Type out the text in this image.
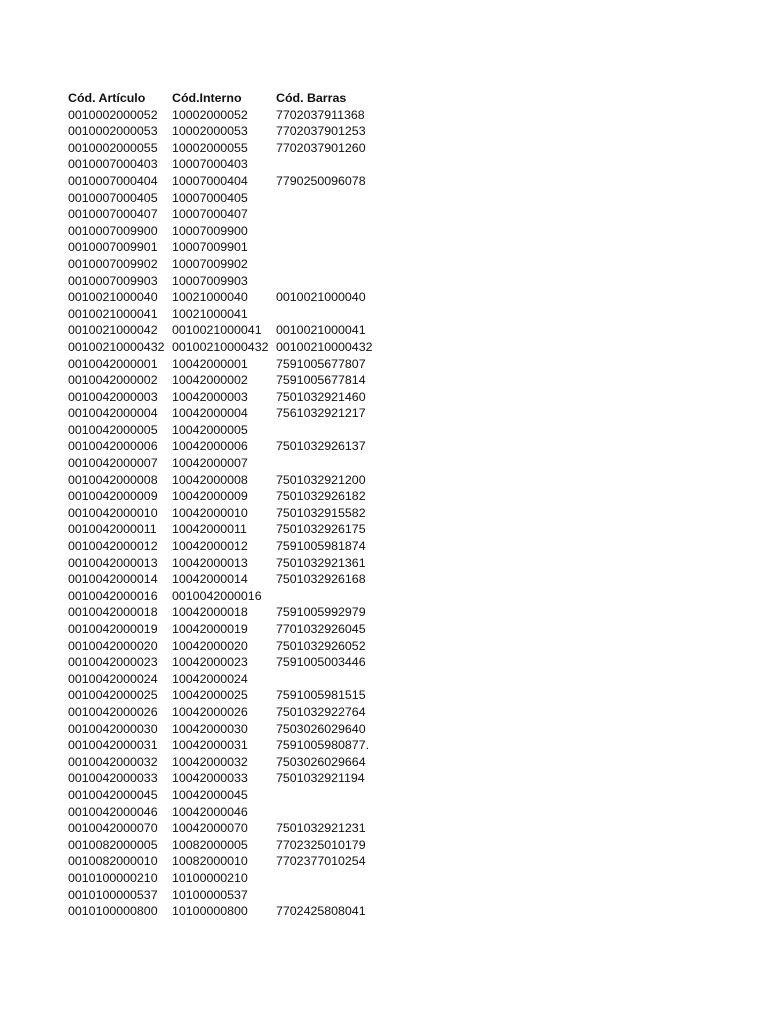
Cód. Artículo	Cód.Interno	Cód. Barras
0010002000052	10002000052	7702037911368
0010002000053	10002000053	7702037901253
0010002000055	10002000055	7702037901260
0010007000403	10007000403
0010007000404	10007000404	7790250096078
0010007000405	10007000405
0010007000407	10007000407
0010007009900	10007009900
0010007009901	10007009901
0010007009902	10007009902
0010007009903	10007009903
0010021000040	10021000040	0010021000040
0010021000041	10021000041
0010021000042	0010021000041	0010021000041
00100210000432 00100210000432 00100210000432
0010042000001	10042000001	7591005677807
0010042000002	10042000002	7591005677814
0010042000003	10042000003	7501032921460
0010042000004	10042000004	7561032921217
0010042000005	10042000005
0010042000006	10042000006	7501032926137
0010042000007	10042000007
0010042000008	10042000008	7501032921200
0010042000009	10042000009	7501032926182
0010042000010	10042000010	7501032915582
0010042000011	10042000011	7501032926175
0010042000012	10042000012	7591005981874
0010042000013	10042000013	7501032921361
0010042000014	10042000014	7501032926168
0010042000016	0010042000016
0010042000018	10042000018	7591005992979
0010042000019	10042000019	7701032926045
0010042000020	10042000020	7501032926052
0010042000023	10042000023	7591005003446
0010042000024	10042000024
0010042000025	10042000025	7591005981515
0010042000026	10042000026	7501032922764
0010042000030	10042000030	7503026029640
0010042000031	10042000031	7591005980877.
0010042000032	10042000032	7503026029664
0010042000033	10042000033	7501032921194
0010042000045	10042000045
0010042000046	10042000046
0010042000070	10042000070	7501032921231
0010082000005	10082000005	7702325010179
0010082000010	10082000010	7702377010254
0010100000210	10100000210
0010100000537	10100000537
0010100000800	10100000800	7702425808041
